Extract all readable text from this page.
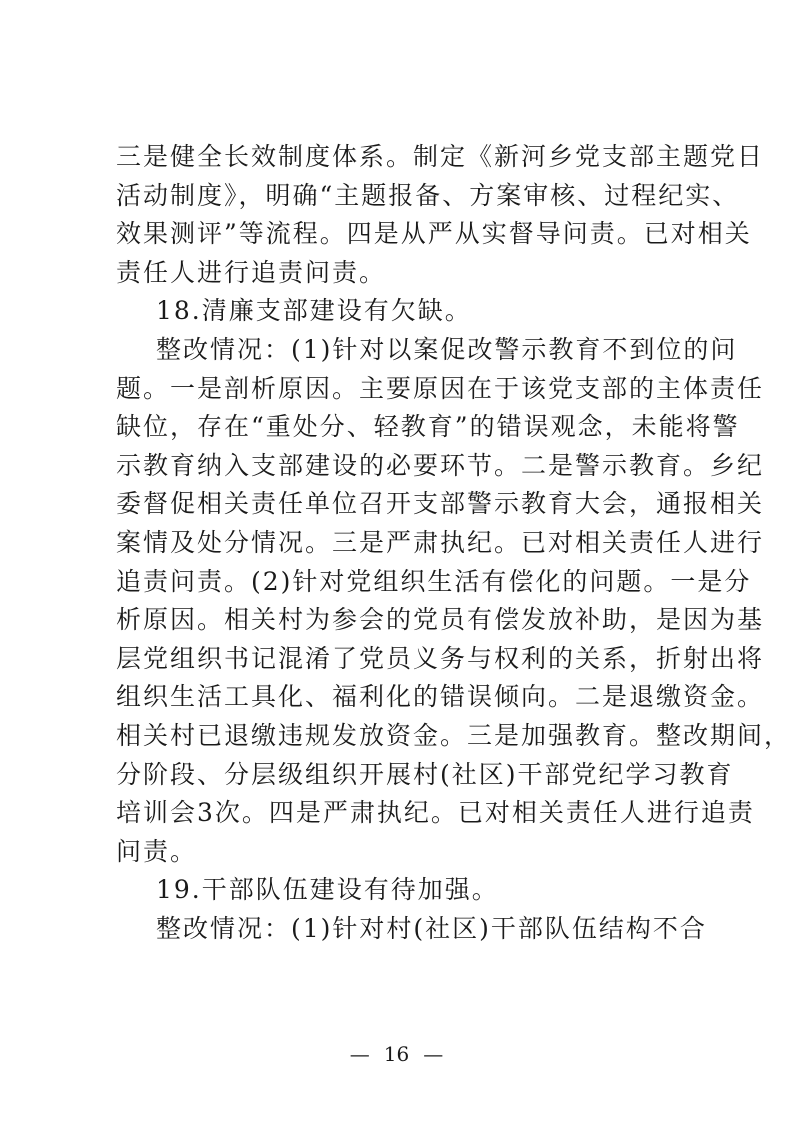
三是健全长效制度体系。制定《新河乡党支部主题党日
活动制度》，明确“主题报备、方案审核、过程纪实、
效果测评”等流程。四是从严从实督导问责。已对相关
责任人进行追责问责。
18.清廉支部建设有欠缺。
整改情况：(1)针对以案促改警示教育不到位的问
题。一是剖析原因。主要原因在于该党支部的主体责任
缺位，存在“重处分、轻教育”的错误观念，未能将警
示教育纳入支部建设的必要环节。二是警示教育。乡纪
委督促相关责任单位召开支部警示教育大会，通报相关
案情及处分情况。三是严肃执纪。已对相关责任人进行
追责问责。(2)针对党组织生活有偿化的问题。一是分
析原因。相关村为参会的党员有偿发放补助，是因为基
层党组织书记混淆了党员义务与权利的关系，折射出将
组织生活工具化、福利化的错误倾向。二是退缴资金。
相关村已退缴违规发放资金。三是加强教育。整改期间，
分阶段、分层级组织开展村(社区)干部党纪学习教育
培训会3次。四是严肃执纪。已对相关责任人进行追责
问责。
19.干部队伍建设有待加强。
整改情况：(1)针对村(社区)干部队伍结构不合
— 16 —
